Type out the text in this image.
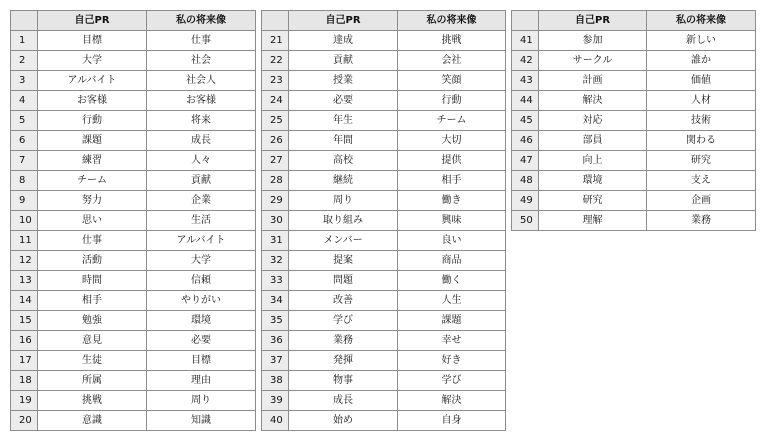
	自己PR	私の将来像
1	目標	仕事
2	大学	社会
3	アルバイト	社会人
4	お客様	お客様
5	行動	将来
6	課題	成長
7	練習	人々
8	チーム	貢献
9	努力	企業
10	思い	生活
11	仕事	アルバイト
12	活動	大学
13	時間	信頼
14	相手	やりがい
15	勉強	環境
16	意見	必要
17	生徒	目標
18	所属	理由
19	挑戦	周り
20	意識	知識
	自己PR	私の将来像
21	達成	挑戦
22	貢献	会社
23	授業	笑顔
24	必要	行動
25	年生	チーム
26	年間	大切
27	高校	提供
28	継続	相手
29	周り	働き
30	取り組み	興味
31	メンバー	良い
32	提案	商品
33	問題	働く
34	改善	人生
35	学び	課題
36	業務	幸せ
37	発揮	好き
38	物事	学び
39	成長	解決
40	始め	自身
	自己PR	私の将来像
41	参加	新しい
42	サークル	誰か
43	計画	価値
44	解決	人材
45	対応	技術
46	部員	関わる
47	向上	研究
48	環境	支え
49	研究	企画
50	理解	業務
